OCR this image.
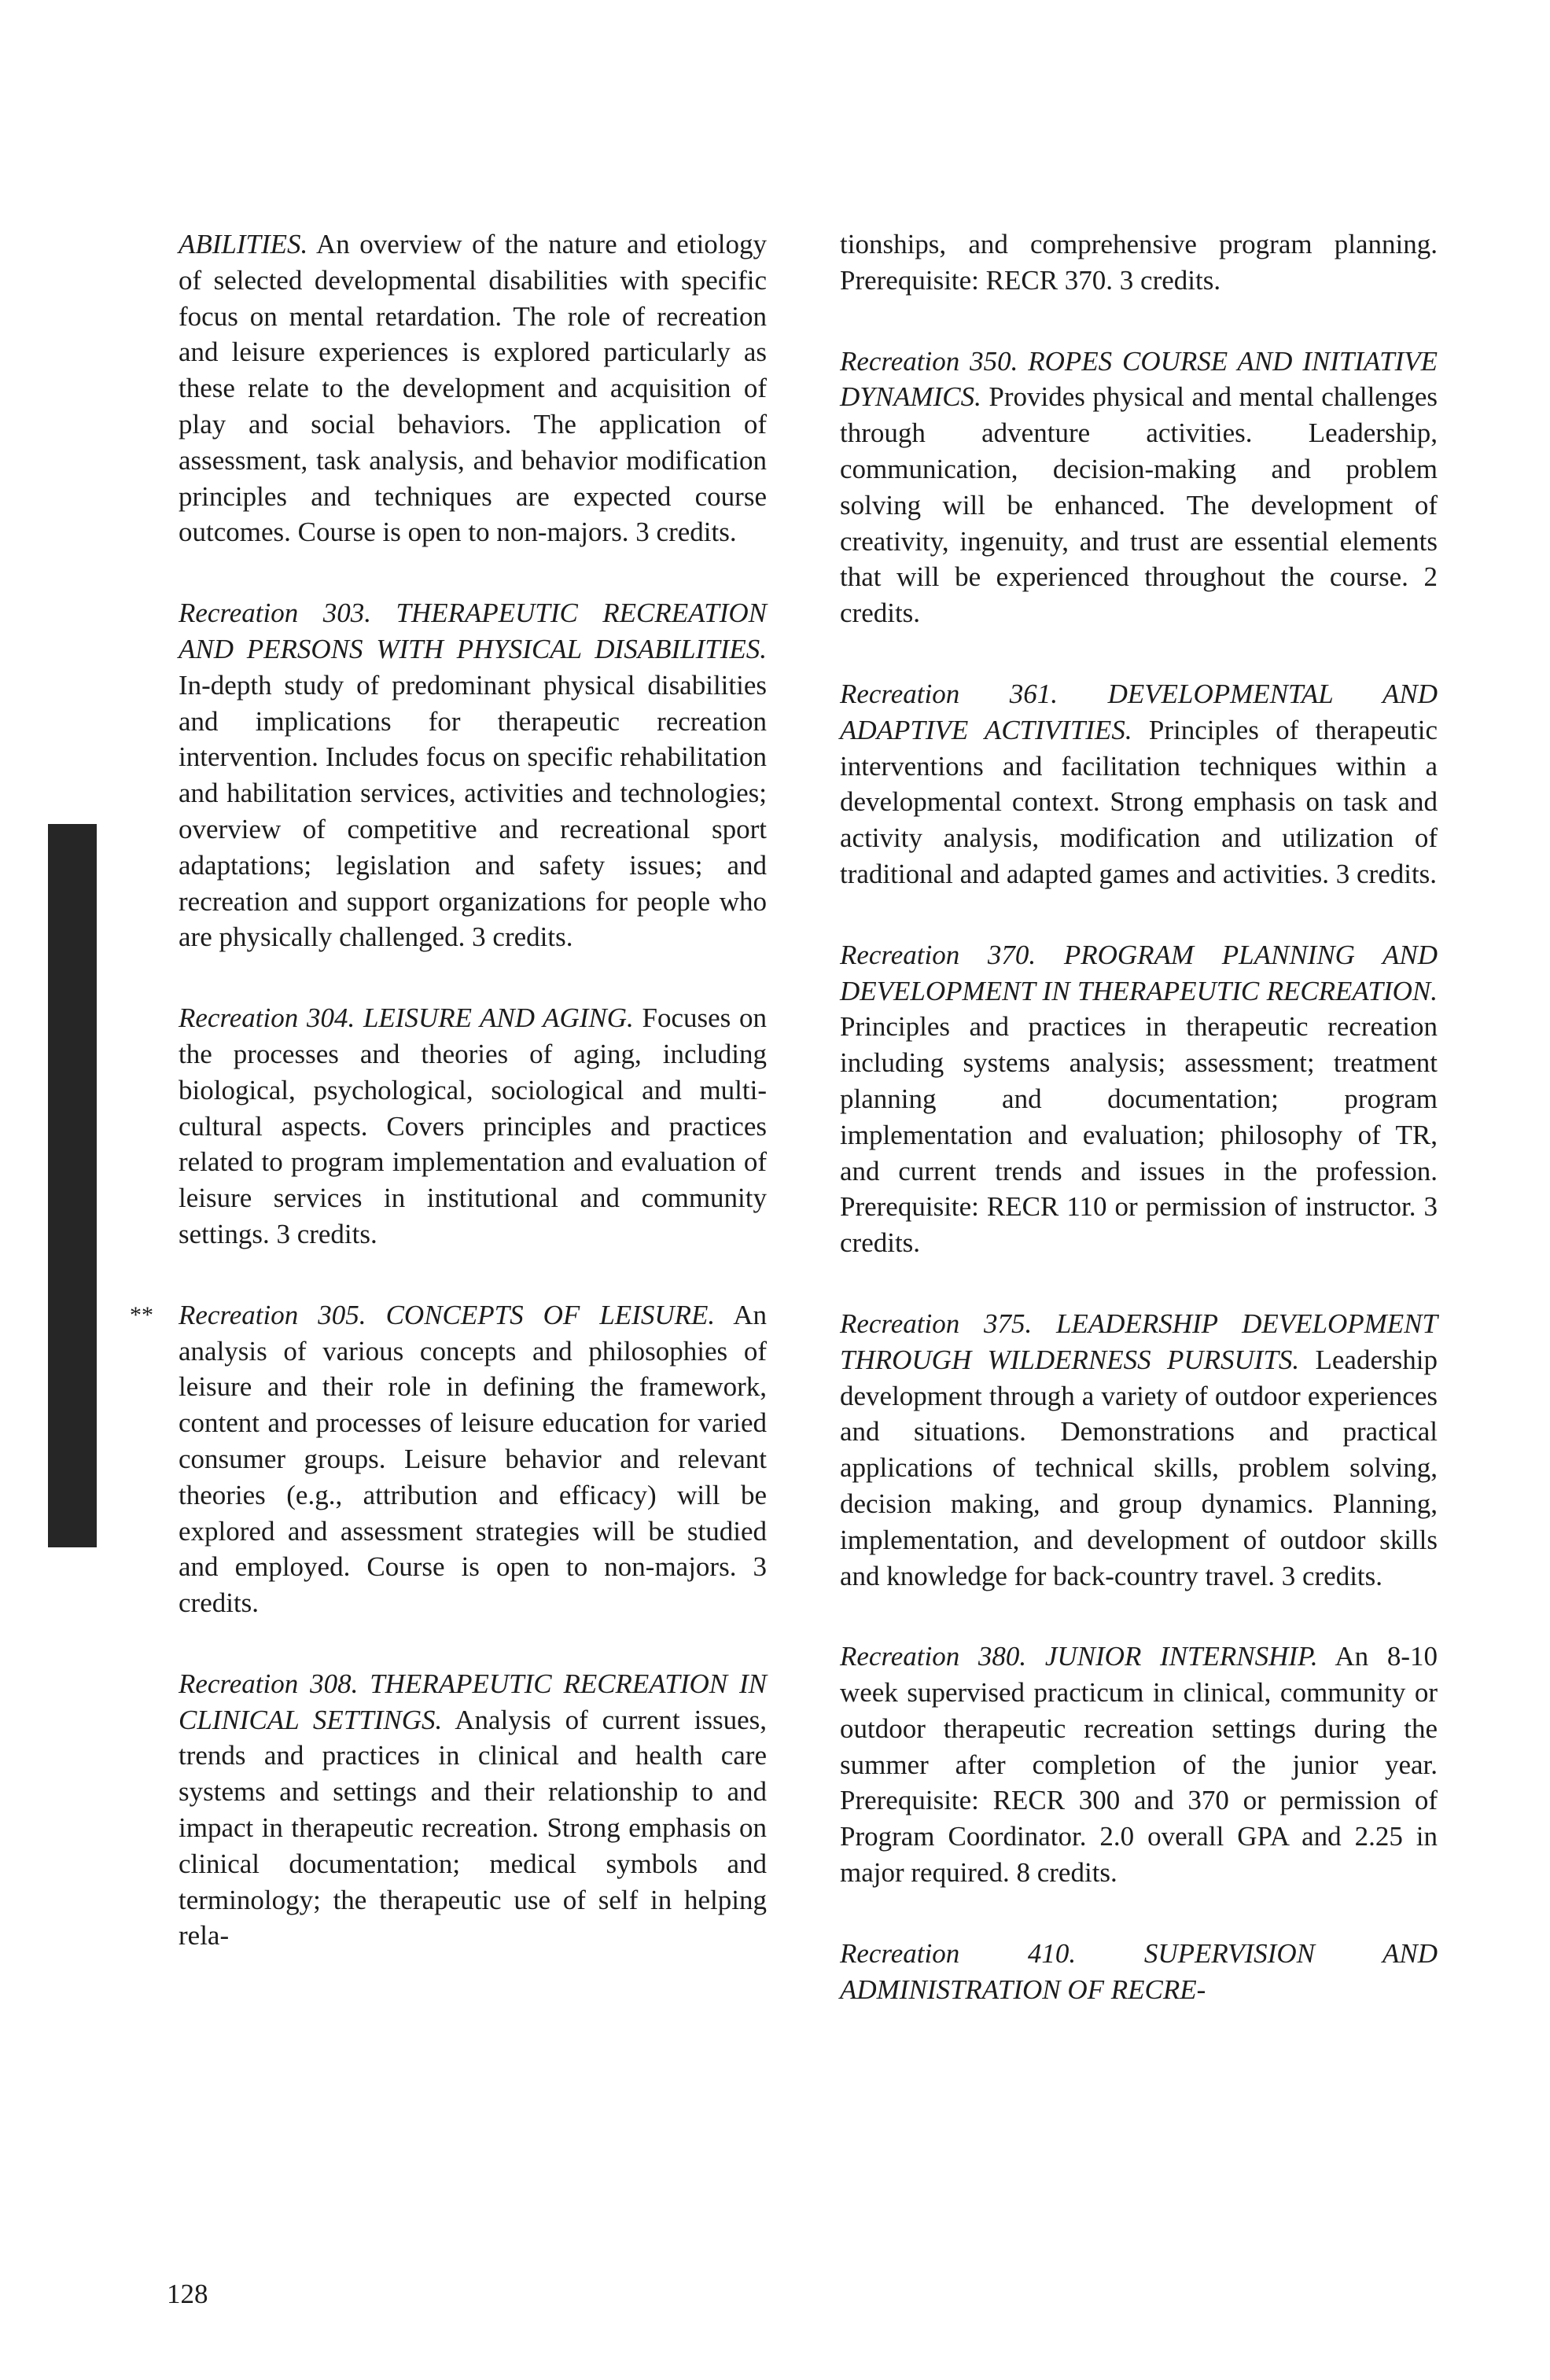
EDUCATION & HUMAN SERVICES

ABILITIES. An overview of the nature and etiology of selected developmental disabilities with specific focus on mental retardation. The role of recreation and leisure experiences is explored particularly as these relate to the development and acquisition of play and social behaviors. The application of assessment, task analysis, and behavior modification principles and techniques are expected course outcomes. Course is open to non-majors. 3 credits.

Recreation 303. THERAPEUTIC RECREATION AND PERSONS WITH PHYSICAL DISABILITIES. In-depth study of predominant physical disabilities and implications for therapeutic recreation intervention. Includes focus on specific rehabilitation and habilitation services, activities and technologies; overview of competitive and recreational sport adaptations; legislation and safety issues; and recreation and support organizations for people who are physically challenged. 3 credits.

Recreation 304. LEISURE AND AGING. Focuses on the processes and theories of aging, including biological, psychological, sociological and multi-cultural aspects. Covers principles and practices related to program implementation and evaluation of leisure services in institutional and community settings. 3 credits.

** Recreation 305. CONCEPTS OF LEISURE. An analysis of various concepts and philosophies of leisure and their role in defining the framework, content and processes of leisure education for varied consumer groups. Leisure behavior and relevant theories (e.g., attribution and efficacy) will be explored and assessment strategies will be studied and employed. Course is open to non-majors. 3 credits.

Recreation 308. THERAPEUTIC RECREATION IN CLINICAL SETTINGS. Analysis of current issues, trends and practices in clinical and health care systems and settings and their relationship to and impact in therapeutic recreation. Strong emphasis on clinical documentation; medical symbols and terminology; the therapeutic use of self in helping rela-

tionships, and comprehensive program planning. Prerequisite: RECR 370. 3 credits.

Recreation 350. ROPES COURSE AND INITIATIVE DYNAMICS. Provides physical and mental challenges through adventure activities. Leadership, communication, decision-making and problem solving will be enhanced. The development of creativity, ingenuity, and trust are essential elements that will be experienced throughout the course. 2 credits.

Recreation 361. DEVELOPMENTAL AND ADAPTIVE ACTIVITIES. Principles of therapeutic interventions and facilitation techniques within a developmental context. Strong emphasis on task and activity analysis, modification and utilization of traditional and adapted games and activities. 3 credits.

Recreation 370. PROGRAM PLANNING AND DEVELOPMENT IN THERAPEUTIC RECREATION. Principles and practices in therapeutic recreation including systems analysis; assessment; treatment planning and documentation; program implementation and evaluation; philosophy of TR, and current trends and issues in the profession. Prerequisite: RECR 110 or permission of instructor. 3 credits.

Recreation 375. LEADERSHIP DEVELOPMENT THROUGH WILDERNESS PURSUITS. Leadership development through a variety of outdoor experiences and situations. Demonstrations and practical applications of technical skills, problem solving, decision making, and group dynamics. Planning, implementation, and development of outdoor skills and knowledge for back-country travel. 3 credits.

Recreation 380. JUNIOR INTERNSHIP. An 8-10 week supervised practicum in clinical, community or outdoor therapeutic recreation settings during the summer after completion of the junior year. Prerequisite: RECR 300 and 370 or permission of Program Coordinator. 2.0 overall GPA and 2.25 in major required. 8 credits.

Recreation 410. SUPERVISION AND ADMINISTRATION OF RECRE-

128
